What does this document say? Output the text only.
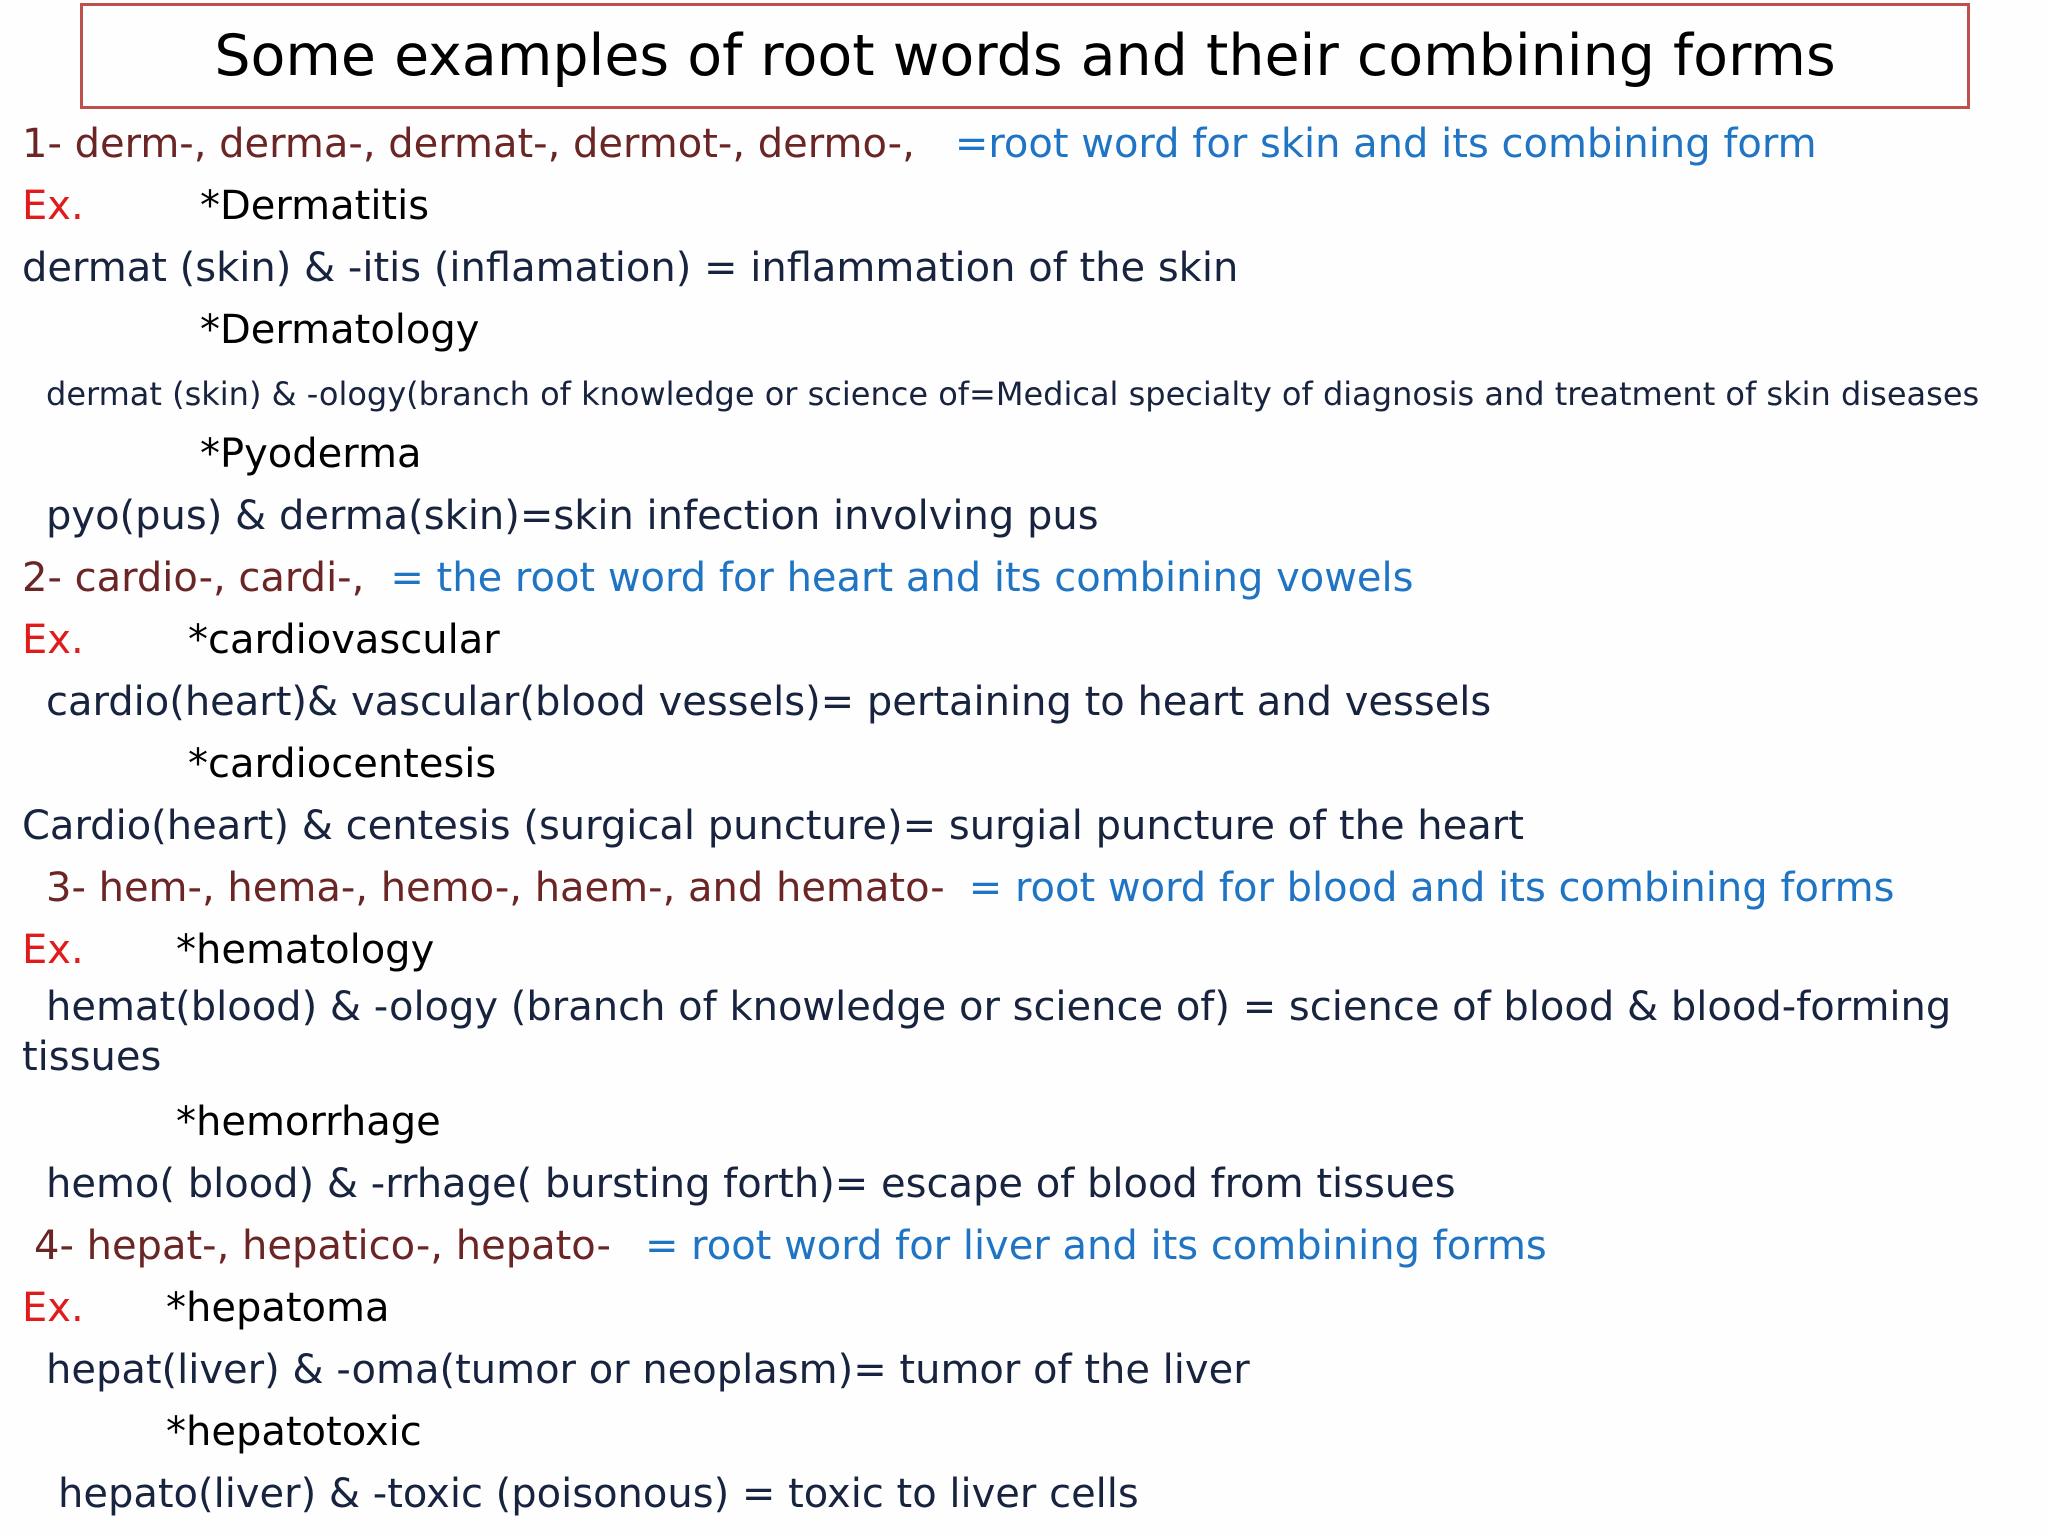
Some examples of root words and their combining forms
1- derm-, derma-, dermat-, dermot-, dermo-, =root word for skin and its combining form
Ex.	*Dermatitis
dermat (skin) & -itis (inflamation) = inflammation of the skin
*Dermatology
dermat (skin) & -ology(branch of knowledge or science of=Medical specialty of diagnosis and treatment of skin diseases
*Pyoderma
pyo(pus) & derma(skin)=skin infection involving pus
2- cardio-, cardi-, = the root word for heart and its combining vowels
Ex.	*cardiovascular
cardio(heart)& vascular(blood vessels)= pertaining to heart and vessels
*cardiocentesis
Cardio(heart) & centesis (surgical puncture)= surgial puncture of the heart
3- hem-, hema-, hemo-, haem-, and hemato- = root word for blood and its combining forms
Ex. *hematology
hemat(blood) & -ology (branch of knowledge or science of) = science of blood & blood-forming tissues
*hemorrhage
hemo( blood) & -rrhage( bursting forth)= escape of blood from tissues
4- hepat-, hepatico-, hepato- = root word for liver and its combining forms
Ex. *hepatoma
hepat(liver) & -oma(tumor or neoplasm)= tumor of the liver
*hepatotoxic
hepato(liver) & -toxic (poisonous) = toxic to liver cells
